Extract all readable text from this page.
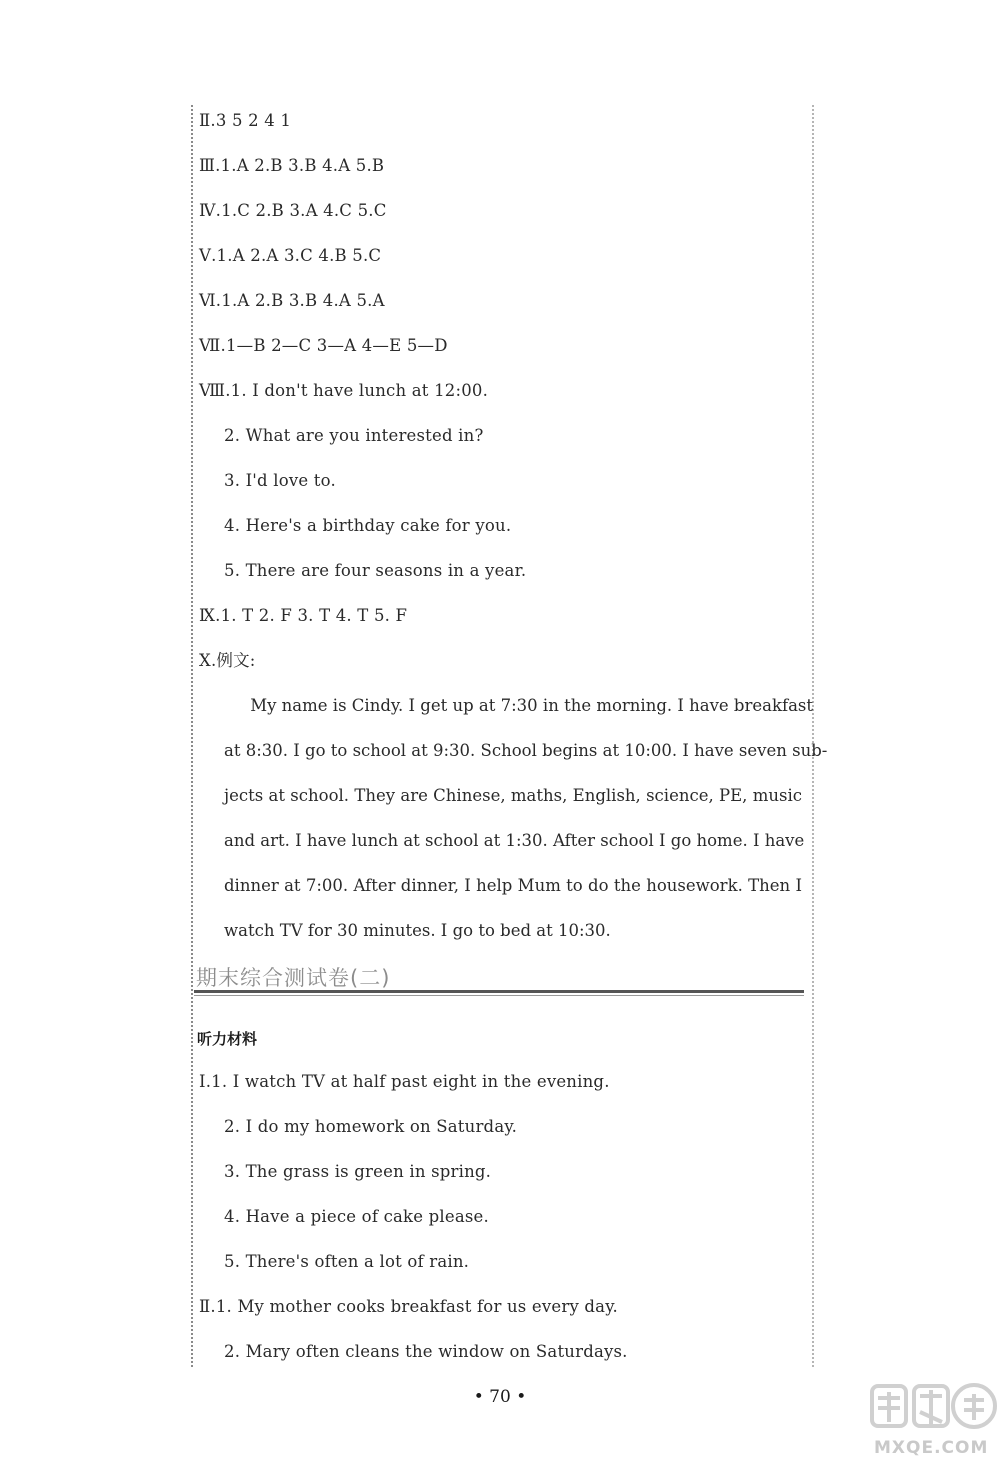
Ⅱ.3 5 2 4 1
Ⅲ.1.A 2.B 3.B 4.A 5.B
Ⅳ.1.C 2.B 3.A 4.C 5.C
Ⅴ.1.A 2.A 3.C 4.B 5.C
Ⅵ.1.A 2.B 3.B 4.A 5.A
Ⅶ.1—B 2—C 3—A 4—E 5—D
Ⅷ.1. I don't have lunch at 12:00.
2. What are you interested in?
3. I'd love to.
4. Here's a birthday cake for you.
5. There are four seasons in a year.
Ⅸ.1. T 2. F 3. T 4. T 5. F
Ⅹ.例文:
My name is Cindy. I get up at 7:30 in the morning. I have breakfast
at 8:30. I go to school at 9:30. School begins at 10:00. I have seven sub-
jects at school. They are Chinese, maths, English, science, PE, music
and art. I have lunch at school at 1:30. After school I go home. I have
dinner at 7:00. After dinner, I help Mum to do the housework. Then I
watch TV for 30 minutes. I go to bed at 10:30.
期末综合测试卷(二)
听力材料
Ⅰ.1. I watch TV at half past eight in the evening.
2. I do my homework on Saturday.
3. The grass is green in spring.
4. Have a piece of cake please.
5. There's often a lot of rain.
Ⅱ.1. My mother cooks breakfast for us every day.
2. Mary often cleans the window on Saturdays.
• 70 •
MXQE.COM
